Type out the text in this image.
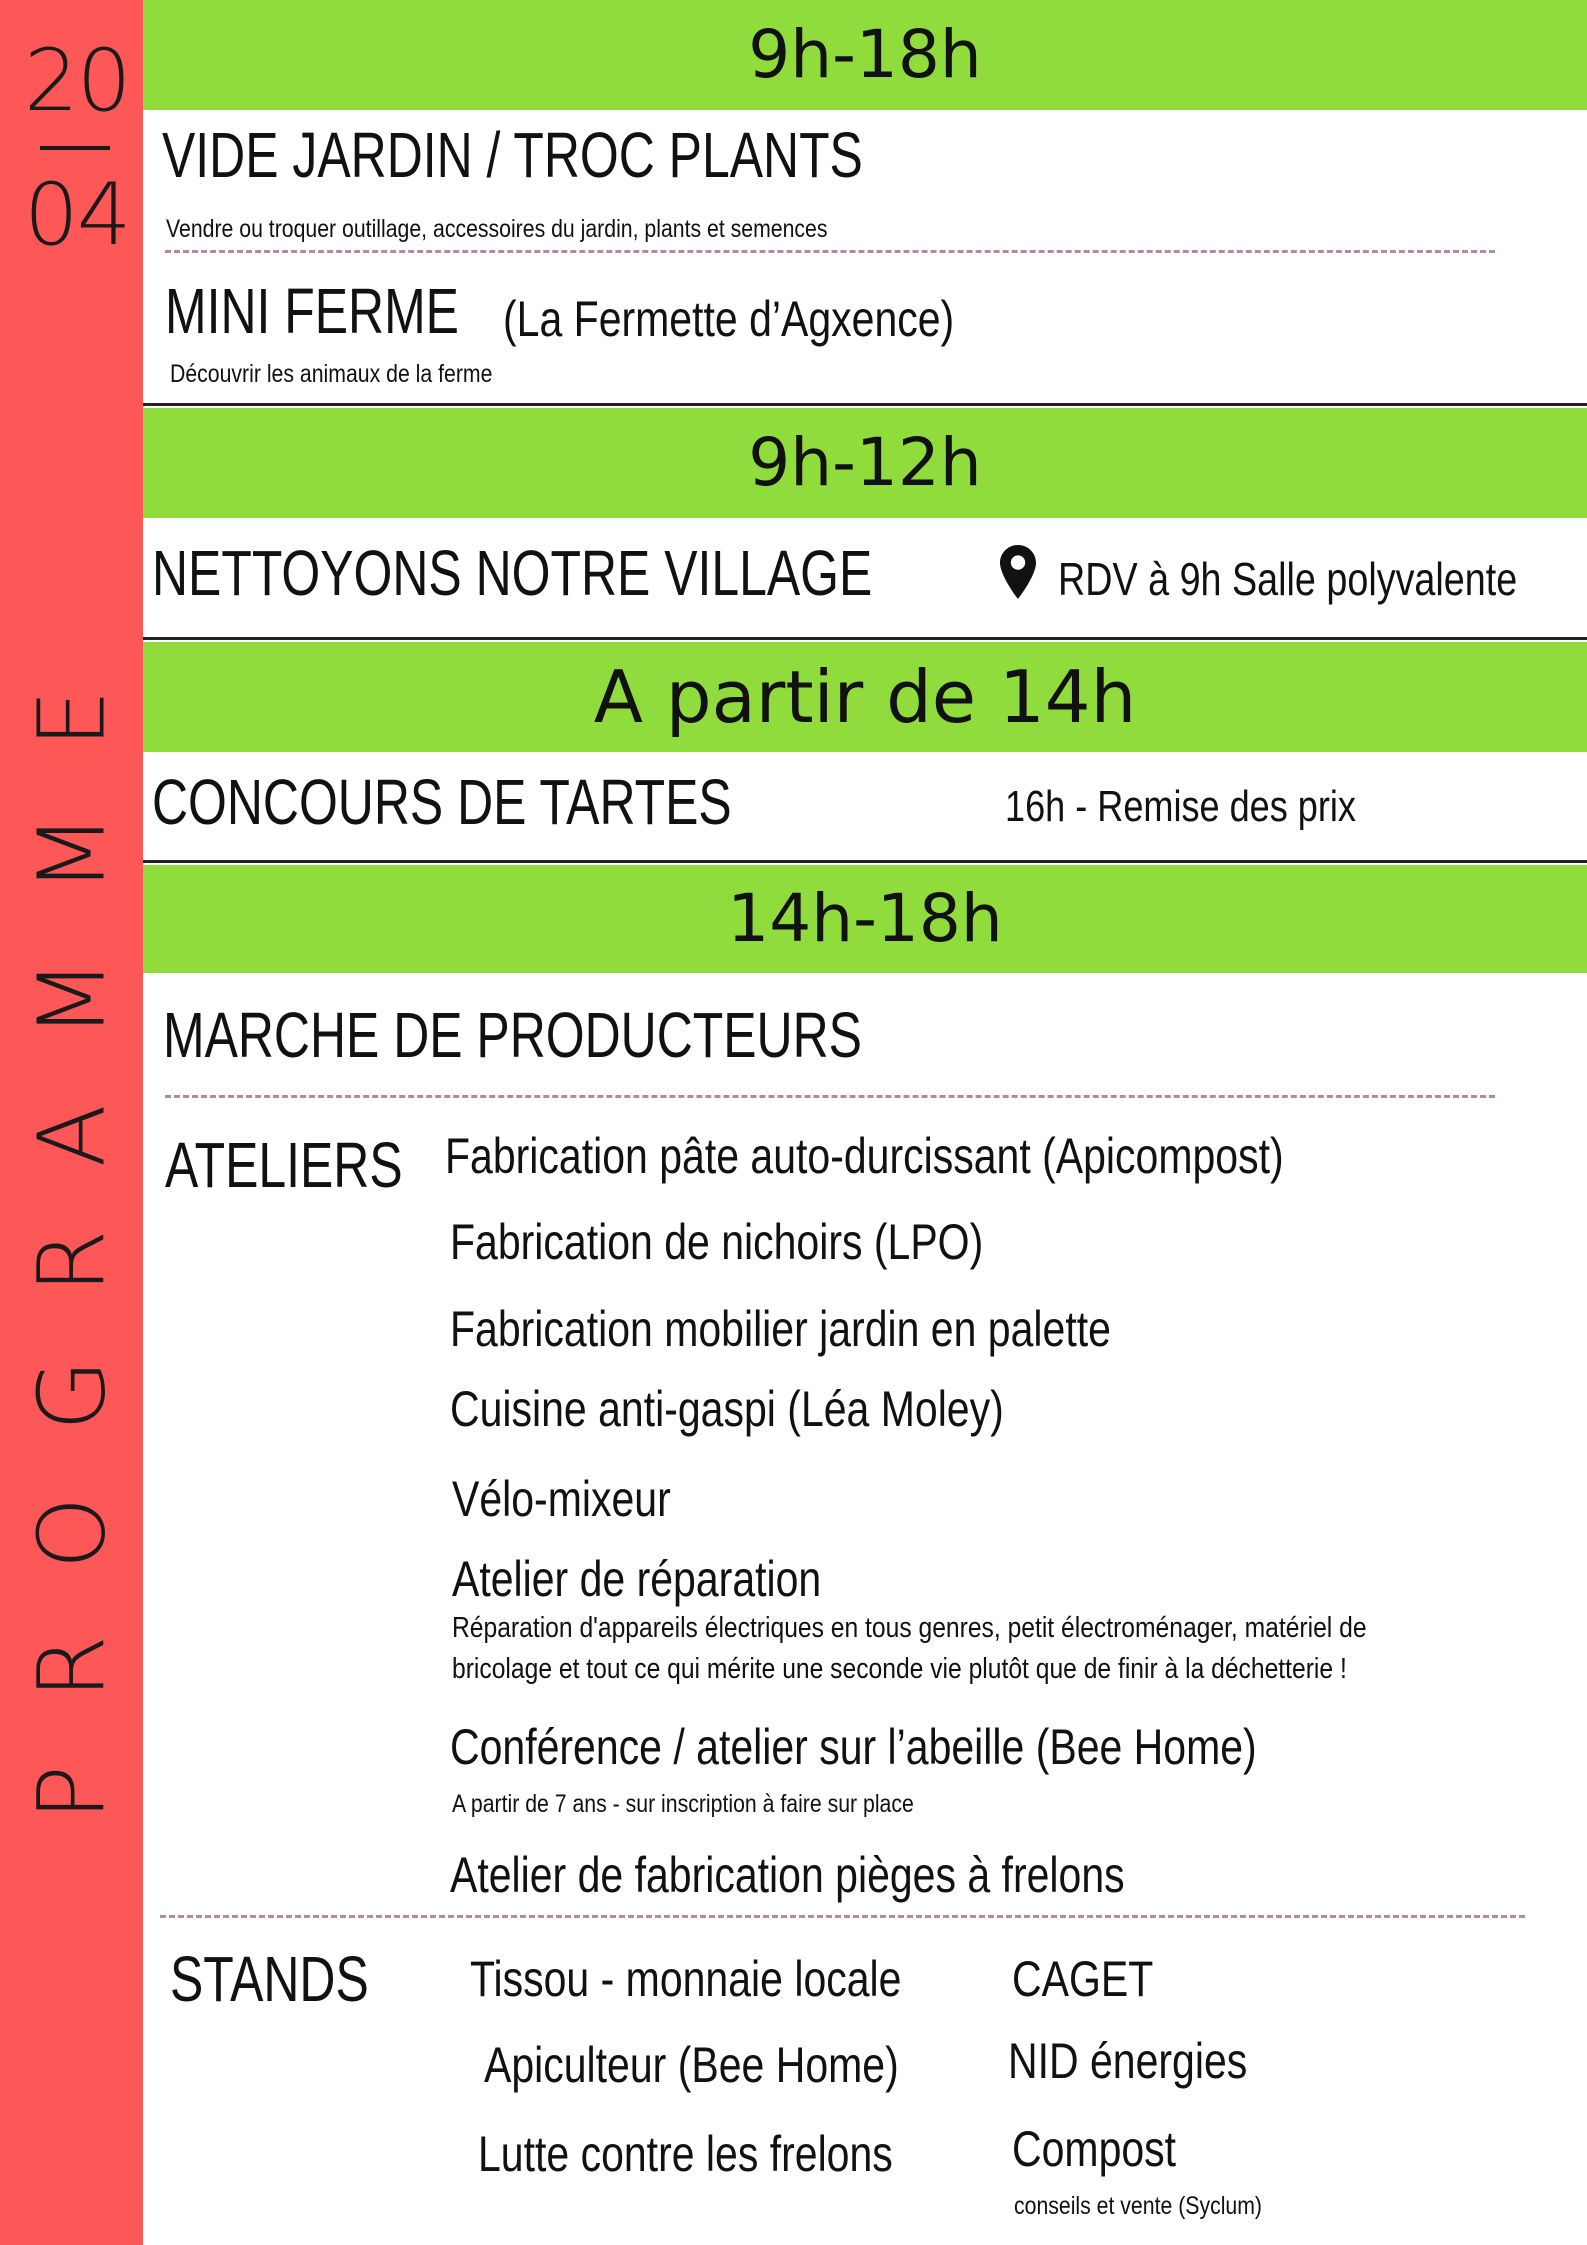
20
04
PROGRAMME
9h-18h
VIDE JARDIN / TROC PLANTS
Vendre ou troquer outillage, accessoires du jardin, plants et semences
MINI FERME (La Fermette d’Agxence)
Découvrir les animaux de la ferme
9h-12h
NETTOYONS NOTRE VILLAGE	RDV à 9h Salle polyvalente
A partir de 14h
CONCOURS DE TARTES	16h - Remise des prix
14h-18h
MARCHE DE PRODUCTEURS
ATELIERS Fabrication pâte auto-durcissant (Apicompost)
Fabrication de nichoirs (LPO)
Fabrication mobilier jardin en palette
Cuisine anti-gaspi (Léa Moley)
Vélo-mixeur
Atelier de réparation
Réparation d'appareils électriques en tous genres, petit électroménager, matériel de
bricolage et tout ce qui mérite une seconde vie plutôt que de finir à la déchetterie !
Conférence / atelier sur l’abeille (Bee Home)
A partir de 7 ans - sur inscription à faire sur place
Atelier de fabrication pièges à frelons
STANDS Tissou - monnaie locale
Apiculteur (Bee Home)
Lutte contre les frelons
CAGET
NID énergies
Compost
conseils et vente (Syclum)
